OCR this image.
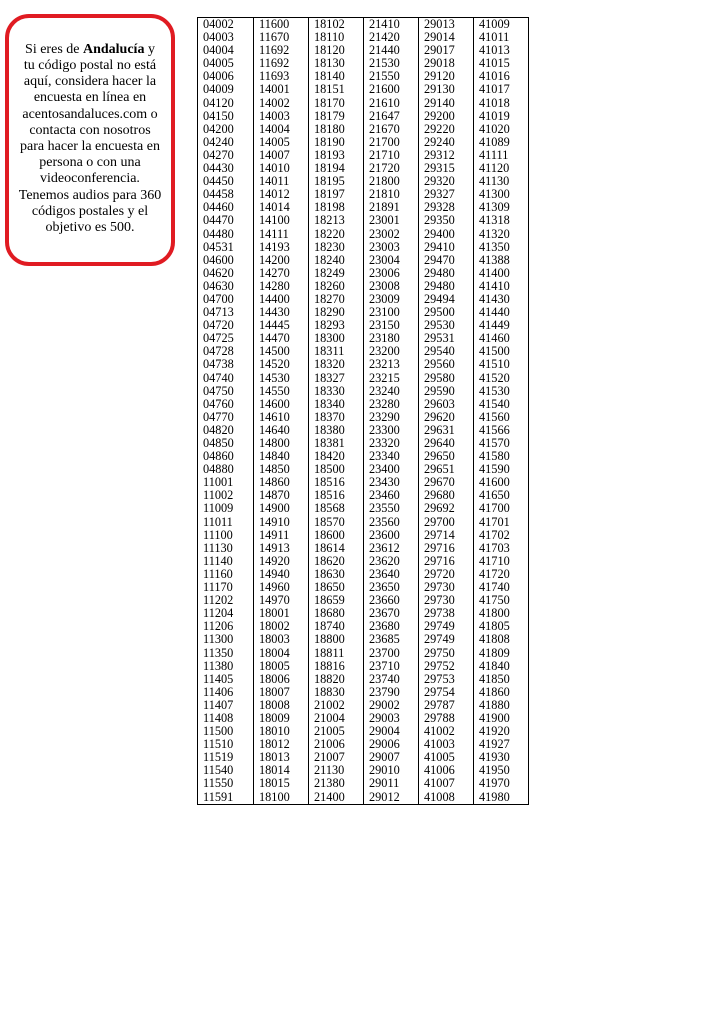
Si eres de Andalucía y tu código postal no está aquí, considera hacer la encuesta en línea en acentosandaluces.com o contacta con nosotros para hacer la encuesta en persona o con una videoconferencia. Tenemos audios para 360 códigos postales y el objetivo es 500.

04002	11600	18102	21410	29013	41009
04003	11670	18110	21420	29014	41011
04004	11692	18120	21440	29017	41013
04005	11692	18130	21530	29018	41015
04006	11693	18140	21550	29120	41016
04009	14001	18151	21600	29130	41017
04120	14002	18170	21610	29140	41018
04150	14003	18179	21647	29200	41019
04200	14004	18180	21670	29220	41020
04240	14005	18190	21700	29240	41089
04270	14007	18193	21710	29312	41111
04430	14010	18194	21720	29315	41120
04450	14011	18195	21800	29320	41130
04458	14012	18197	21810	29327	41300
04460	14014	18198	21891	29328	41309
04470	14100	18213	23001	29350	41318
04480	14111	18220	23002	29400	41320
04531	14193	18230	23003	29410	41350
04600	14200	18240	23004	29470	41388
04620	14270	18249	23006	29480	41400
04630	14280	18260	23008	29480	41410
04700	14400	18270	23009	29494	41430
04713	14430	18290	23100	29500	41440
04720	14445	18293	23150	29530	41449
04725	14470	18300	23180	29531	41460
04728	14500	18311	23200	29540	41500
04738	14520	18320	23213	29560	41510
04740	14530	18327	23215	29580	41520
04750	14550	18330	23240	29590	41530
04760	14600	18340	23280	29603	41540
04770	14610	18370	23290	29620	41560
04820	14640	18380	23300	29631	41566
04850	14800	18381	23320	29640	41570
04860	14840	18420	23340	29650	41580
04880	14850	18500	23400	29651	41590
11001	14860	18516	23430	29670	41600
11002	14870	18516	23460	29680	41650
11009	14900	18568	23550	29692	41700
11011	14910	18570	23560	29700	41701
11100	14911	18600	23600	29714	41702
11130	14913	18614	23612	29716	41703
11140	14920	18620	23620	29716	41710
11160	14940	18630	23640	29720	41720
11170	14960	18650	23650	29730	41740
11202	14970	18659	23660	29730	41750
11204	18001	18680	23670	29738	41800
11206	18002	18740	23680	29749	41805
11300	18003	18800	23685	29749	41808
11350	18004	18811	23700	29750	41809
11380	18005	18816	23710	29752	41840
11405	18006	18820	23740	29753	41850
11406	18007	18830	23790	29754	41860
11407	18008	21002	29002	29787	41880
11408	18009	21004	29003	29788	41900
11500	18010	21005	29004	41002	41920
11510	18012	21006	29006	41003	41927
11519	18013	21007	29007	41005	41930
11540	18014	21130	29010	41006	41950
11550	18015	21380	29011	41007	41970
11591	18100	21400	29012	41008	41980
